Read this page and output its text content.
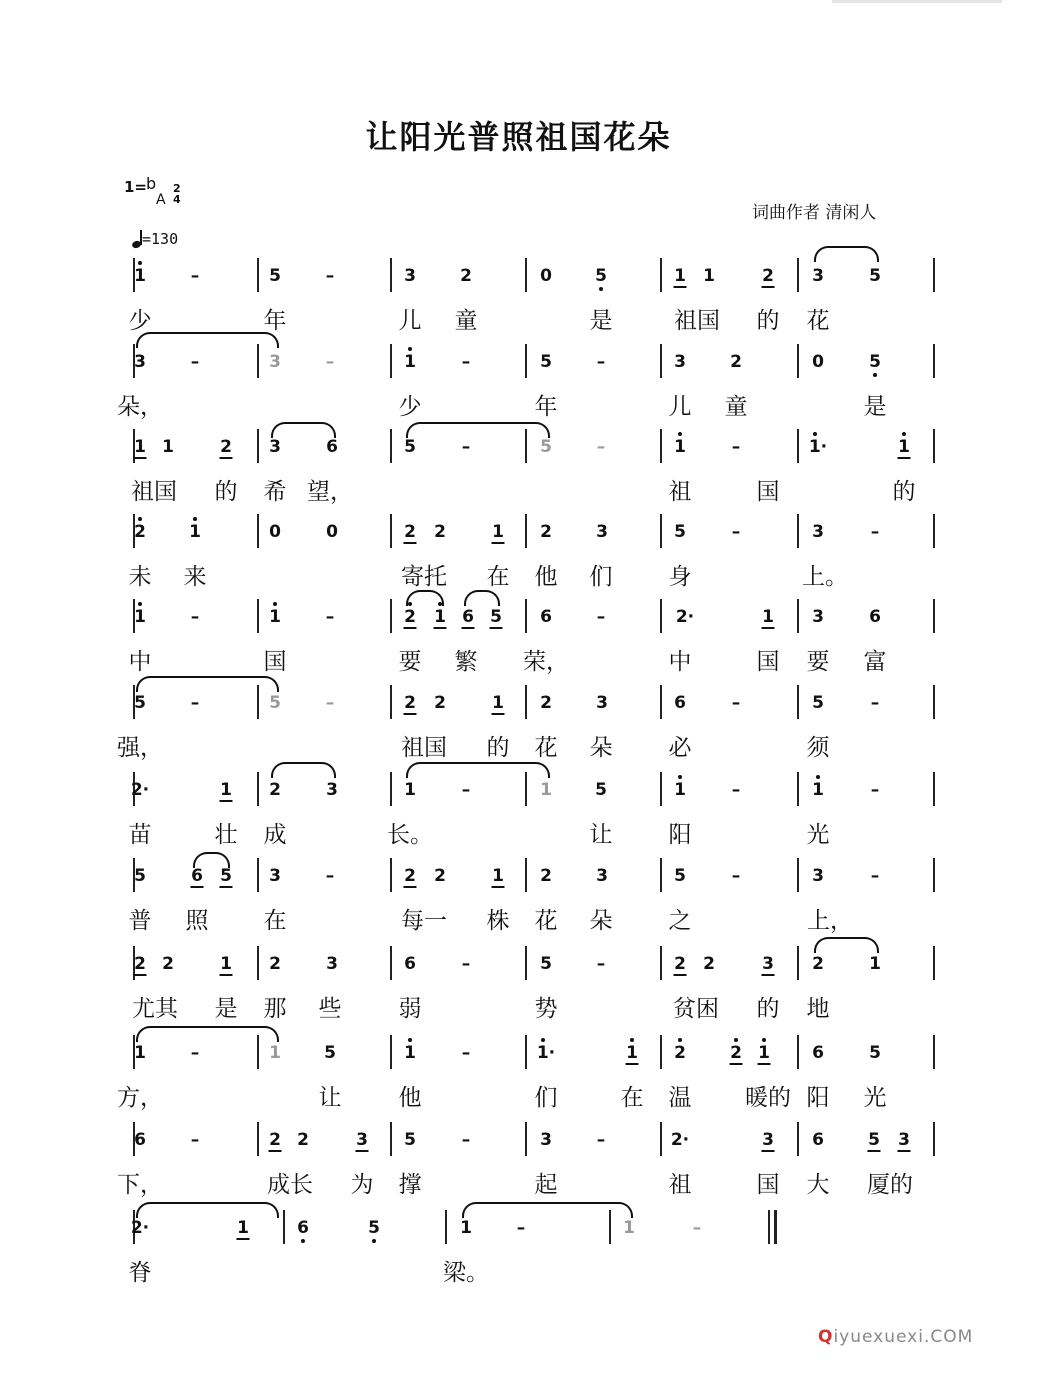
让阳光普照祖国花朵
1=
b
A
2
4
=130
词曲作者 清闲人
1	–	5	–	3	2	0	5	1 1	2 3	5
少	年	儿 童	是	祖国 的 花
3	–	3	–	1	–	5	–	3	2	0	5
朵，	少	年	儿 童	是
1 1	2 3	6	5	–	5	–	1	–	1·	1
祖国 的 希 望，	祖	国	的
2	1	0	0	2 2	1 2	3	5	–	3	–
未 来	寄托 在 他 们 身	上。
1	–	1	–	2 1 6 5 6	–	2·	1 3	6
中	国	要 繁 荣，	中	国 要 富
5	–	5	–	2 2	1 2	3	6	–	5	–
强，	祖国 的 花 朵 必	须
2·	1 2	3	1	–	1	5	1	–	1	–
苗	壮 成	长。	让 阳	光
5	6 5 3	–	2 2	1 2	3	5	–	3	–
普 照 在	每一 株 花 朵 之	上，
2 2	1 2	3	6	–	5	–	2 2	3 2	1
尤其 是 那 些 弱	势	贫困 的 地
1	–	1	5	1	–	1·	1 2	2 1 6	5
方，	让 他	们	在 温 暖的 阳 光
6	–	2 2	3 5	–	3	–	2·	3 6	5 3
下，	成长 为 撑	起	祖	国 大 厦的
2·	1	6	5	1	–	1	–
脊	梁。
Qiyuexuexi.COM
